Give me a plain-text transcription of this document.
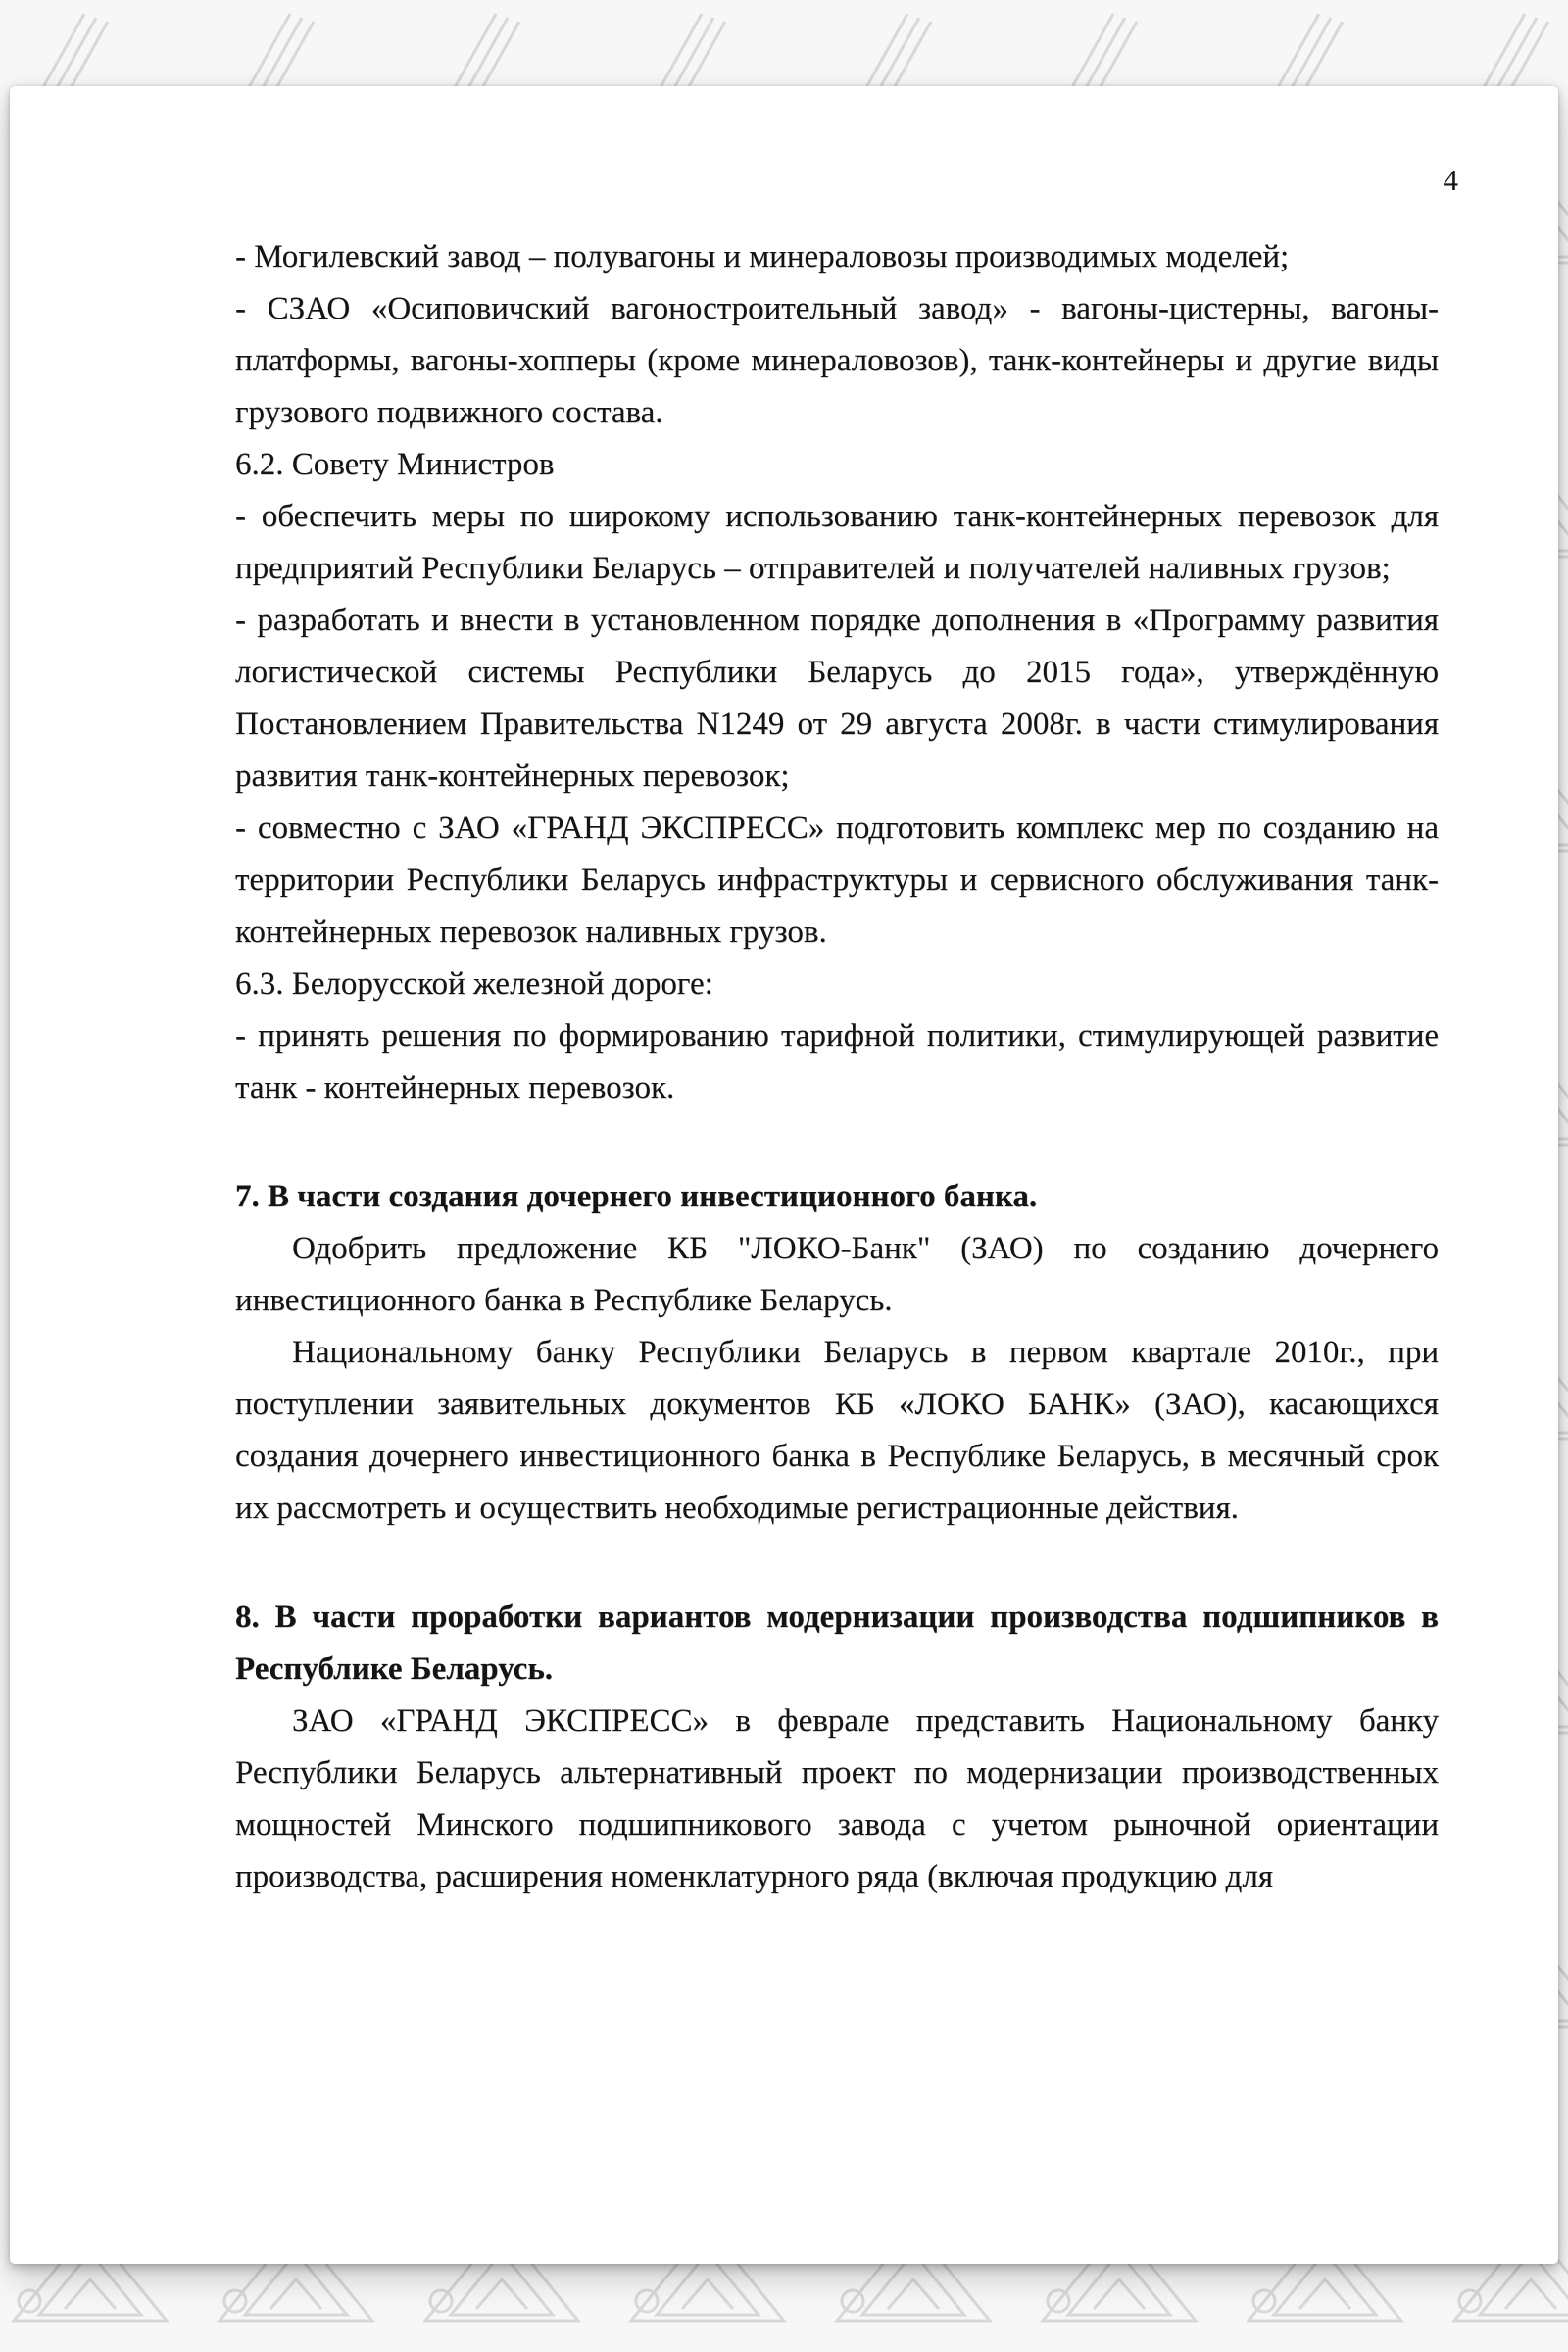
4

- Могилевский завод – полувагоны и минераловозы производимых моделей;

- СЗАО «Осиповичский вагоностроительный завод» - вагоны-цистерны, вагоны-платформы, вагоны-хопперы (кроме минераловозов), танк-контейнеры и другие виды грузового подвижного состава.

6.2. Совету Министров

- обеспечить меры по широкому использованию танк-контейнерных перевозок для предприятий Республики Беларусь – отправителей и получателей наливных грузов;

- разработать и внести в установленном порядке дополнения в «Программу развития логистической системы Республики Беларусь до 2015 года», утверждённую Постановлением Правительства N1249 от 29 августа 2008г. в части стимулирования развития танк-контейнерных перевозок;

- совместно с ЗАО «ГРАНД ЭКСПРЕСС» подготовить комплекс мер по созданию на территории Республики Беларусь инфраструктуры и сервисного обслуживания танк-контейнерных перевозок наливных грузов.

6.3. Белорусской железной дороге:

- принять решения по формированию тарифной политики, стимулирующей развитие танк - контейнерных перевозок.

7. В части создания дочернего инвестиционного банка.

Одобрить предложение КБ "ЛОКО-Банк" (ЗАО) по созданию дочернего инвестиционного банка в Республике Беларусь.

Национальному банку Республики Беларусь в первом квартале 2010г., при поступлении заявительных документов КБ «ЛОКО БАНК» (ЗАО), касающихся создания дочернего инвестиционного банка в Республике Беларусь, в месячный срок их рассмотреть и осуществить необходимые регистрационные действия.

8. В части проработки вариантов модернизации производства подшипников в Республике Беларусь.

ЗАО «ГРАНД ЭКСПРЕСС» в феврале представить Национальному банку Республики Беларусь альтернативный проект по модернизации производственных мощностей Минского подшипникового завода с учетом рыночной ориентации производства, расширения номенклатурного ряда (включая продукцию для
